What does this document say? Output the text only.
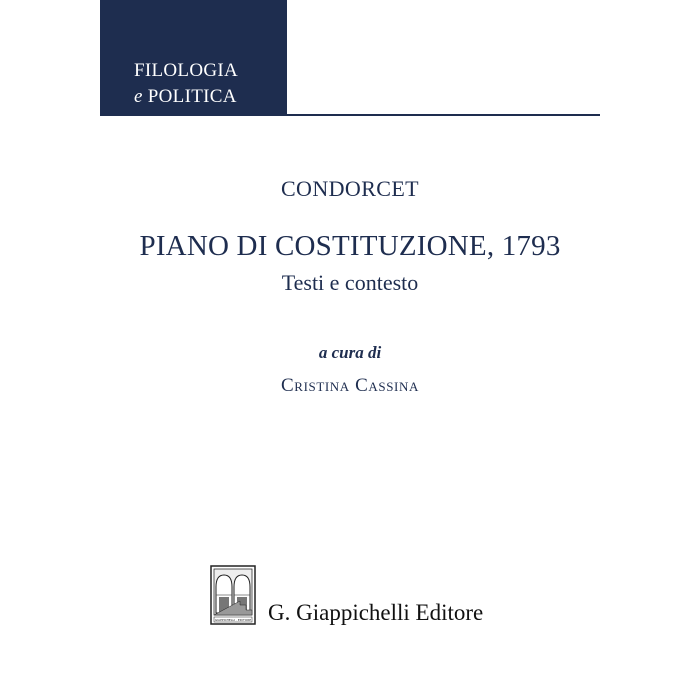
FILOLOGIA
e POLITICA
CONDORCET
PIANO DI COSTITUZIONE, 1793
Testi e contesto
a cura di
Cristina Cassina
GIAPPICHELLI · EDITORE G. Giappichelli Editore
